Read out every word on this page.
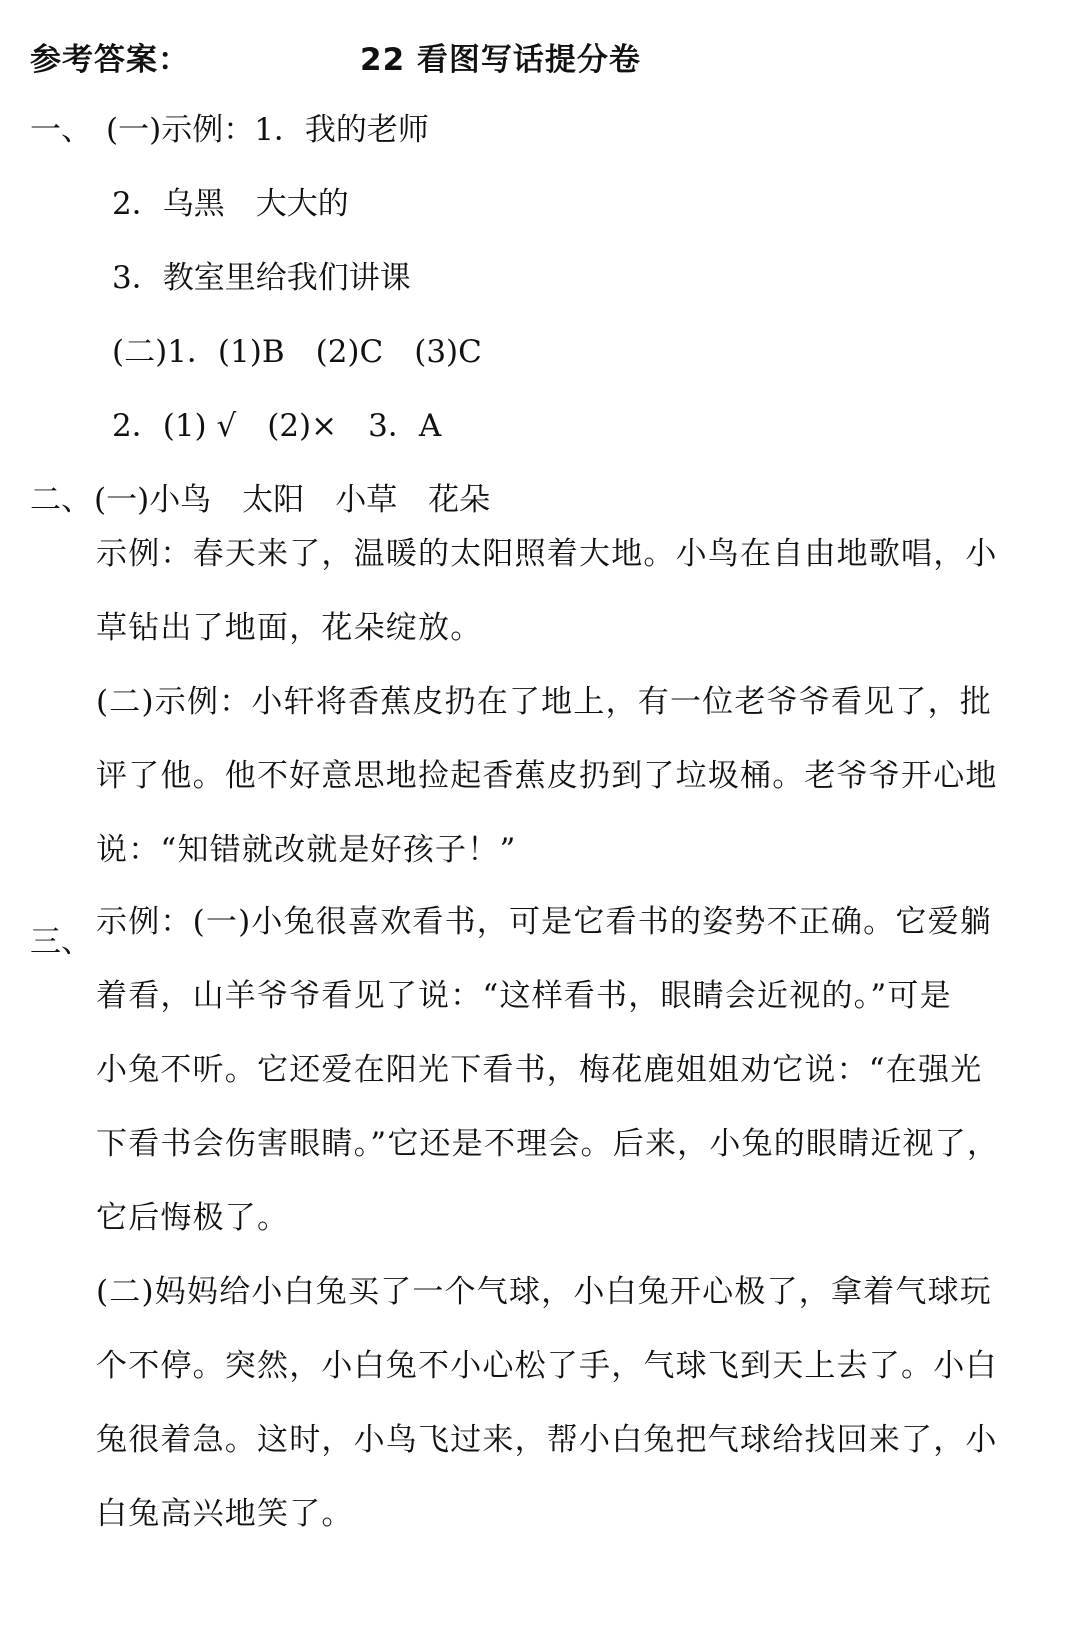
参考答案：	22 看图写话提分卷
一、 (一)示例：1．我的老师
2．乌黑　大大的
3．教室里给我们讲课
(二)1．(1)B　(2)C　(3)C
2．(1) √　(2)×　3．A
二、 (一)小鸟　太阳　小草　花朵
示例：春天来了，温暖的太阳照着大地。小鸟在自由地歌唱，小
草钻出了地面，花朵绽放。
(二)示例：小轩将香蕉皮扔在了地上，有一位老爷爷看见了，批
评了他。他不好意思地捡起香蕉皮扔到了垃圾桶。老爷爷开心地
说：“知错就改就是好孩子！”
三、
示例：(一)小兔很喜欢看书，可是它看书的姿势不正确。它爱躺
着看，山羊爷爷看见了说：“这样看书，眼睛会近视的。”可是
小兔不听。它还爱在阳光下看书，梅花鹿姐姐劝它说：“在强光
下看书会伤害眼睛。”它还是不理会。后来，小兔的眼睛近视了，
它后悔极了。
(二)妈妈给小白兔买了一个气球，小白兔开心极了，拿着气球玩
个不停。突然，小白兔不小心松了手，气球飞到天上去了。小白
兔很着急。这时，小鸟飞过来，帮小白兔把气球给找回来了，小
白兔高兴地笑了。
